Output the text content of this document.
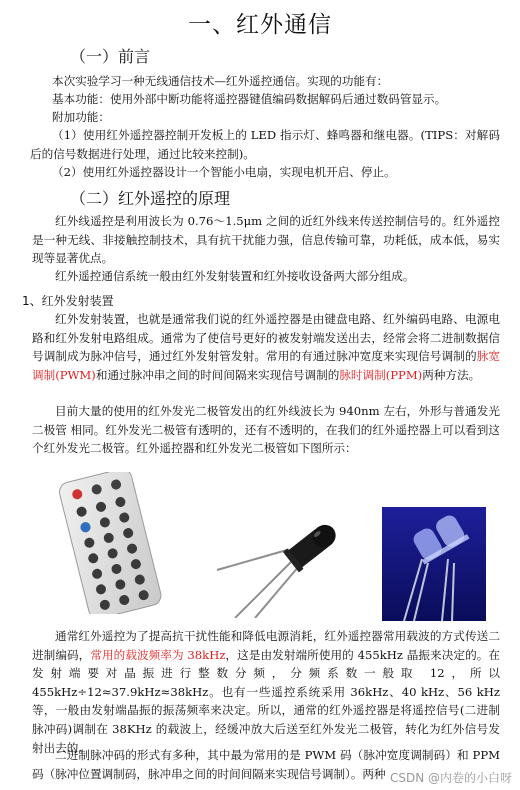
一、红外通信
（一）前言

本次实验学习一种无线通信技术—红外遥控通信。实现的功能有：

基本功能：使用外部中断功能将遥控器键值编码数据解码后通过数码管显示。

附加功能：

（1）使用红外遥控器控制开发板上的 LED 指示灯、蜂鸣器和继电器。(TIPS：对解码后的信号数据进行处理，通过比较来控制)。

（2）使用红外遥控器设计一个智能小电扇，实现电机开启、停止。

（二）红外遥控的原理

红外线遥控是利用波长为 0.76～1.5μm 之间的近红外线来传送控制信号的。红外遥控是一种无线、非接触控制技术，具有抗干扰能力强，信息传输可靠，功耗低，成本低，易实现等显著优点。

红外遥控通信系统一般由红外发射装置和红外接收设备两大部分组成。

1、红外发射装置

红外发射装置，也就是通常我们说的红外遥控器是由键盘电路、红外编码电路、电源电路和红外发射电路组成。通常为了使信号更好的被发射端发送出去，经常会将二进制数据信号调制成为脉冲信号，通过红外发射管发射。常用的有通过脉冲宽度来实现信号调制的脉宽调制(PWM)和通过脉冲串之间的时间间隔来实现信号调制的脉时调制(PPM)两种方法。

目前大量的使用的红外发光二极管发出的红外线波长为 940nm 左右，外形与普通发光二极管 相同。红外发光二极管有透明的，还有不透明的，在我们的红外遥控器上可以看到这个红外发光二极管。红外遥控器和红外发光二极管如下图所示：

通常红外遥控为了提高抗干扰性能和降低电源消耗，红外遥控器常用载波的方式传送二进制编码，常用的载波频率为 38kHz，这是由发射端所使用的 455kHz 晶振来决定的。在发射端要对晶振进行整数分频，分频系数一般取 12，所以 455kHz÷12≈37.9kHz≈38kHz。也有一些遥控系统采用 36kHz、40 kHz、56 kHz 等，一般由发射端晶振的振荡频率来决定。所以，通常的红外遥控器是将遥控信号(二进制脉冲码)调制在 38KHz 的载波上，经缓冲放大后送至红外发光二极管，转化为红外信号发射出去的。

二进制脉冲码的形式有多种，其中最为常用的是 PWM 码（脉冲宽度调制码）和 PPM 码（脉冲位置调制码，脉冲串之间的时间间隔来实现信号调制）。两种 CSDN @内卷的小白呀
